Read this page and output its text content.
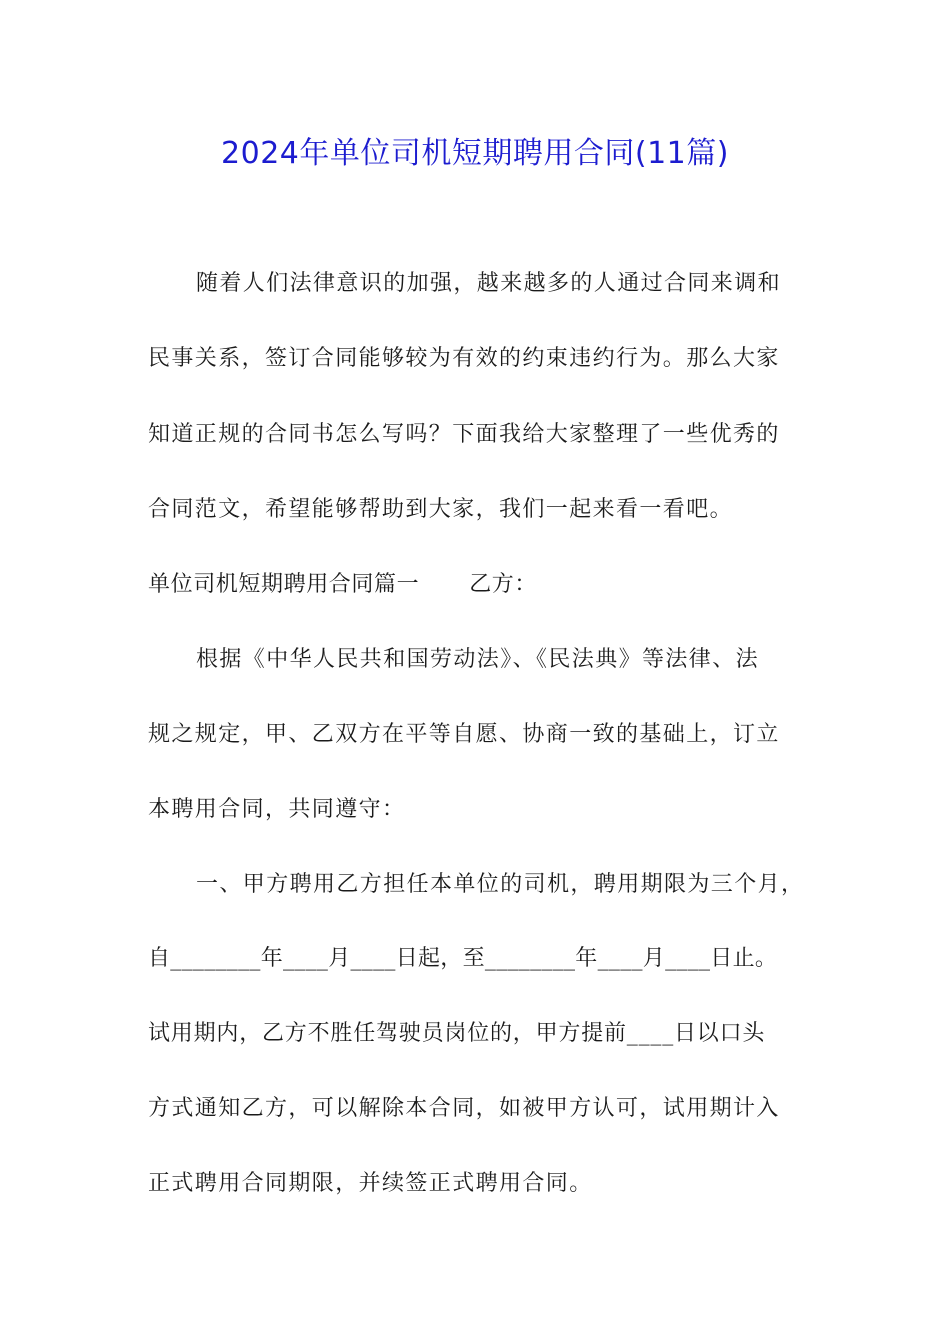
2024年单位司机短期聘用合同(11篇)
随着人们法律意识的加强，越来越多的人通过合同来调和
民事关系，签订合同能够较为有效的约束违约行为。那么大家
知道正规的合同书怎么写吗？下面我给大家整理了一些优秀的
合同范文，希望能够帮助到大家，我们一起来看一看吧。
单位司机短期聘用合同篇一 乙方：
根据《中华人民共和国劳动法》、《民法典》等法律、法
规之规定，甲、乙双方在平等自愿、协商一致的基础上，订立
本聘用合同，共同遵守：
一、甲方聘用乙方担任本单位的司机，聘用期限为三个月，
自________年____月____日起，至________年____月____日止。
试用期内，乙方不胜任驾驶员岗位的，甲方提前____日以口头
方式通知乙方，可以解除本合同，如被甲方认可，试用期计入
正式聘用合同期限，并续签正式聘用合同。
